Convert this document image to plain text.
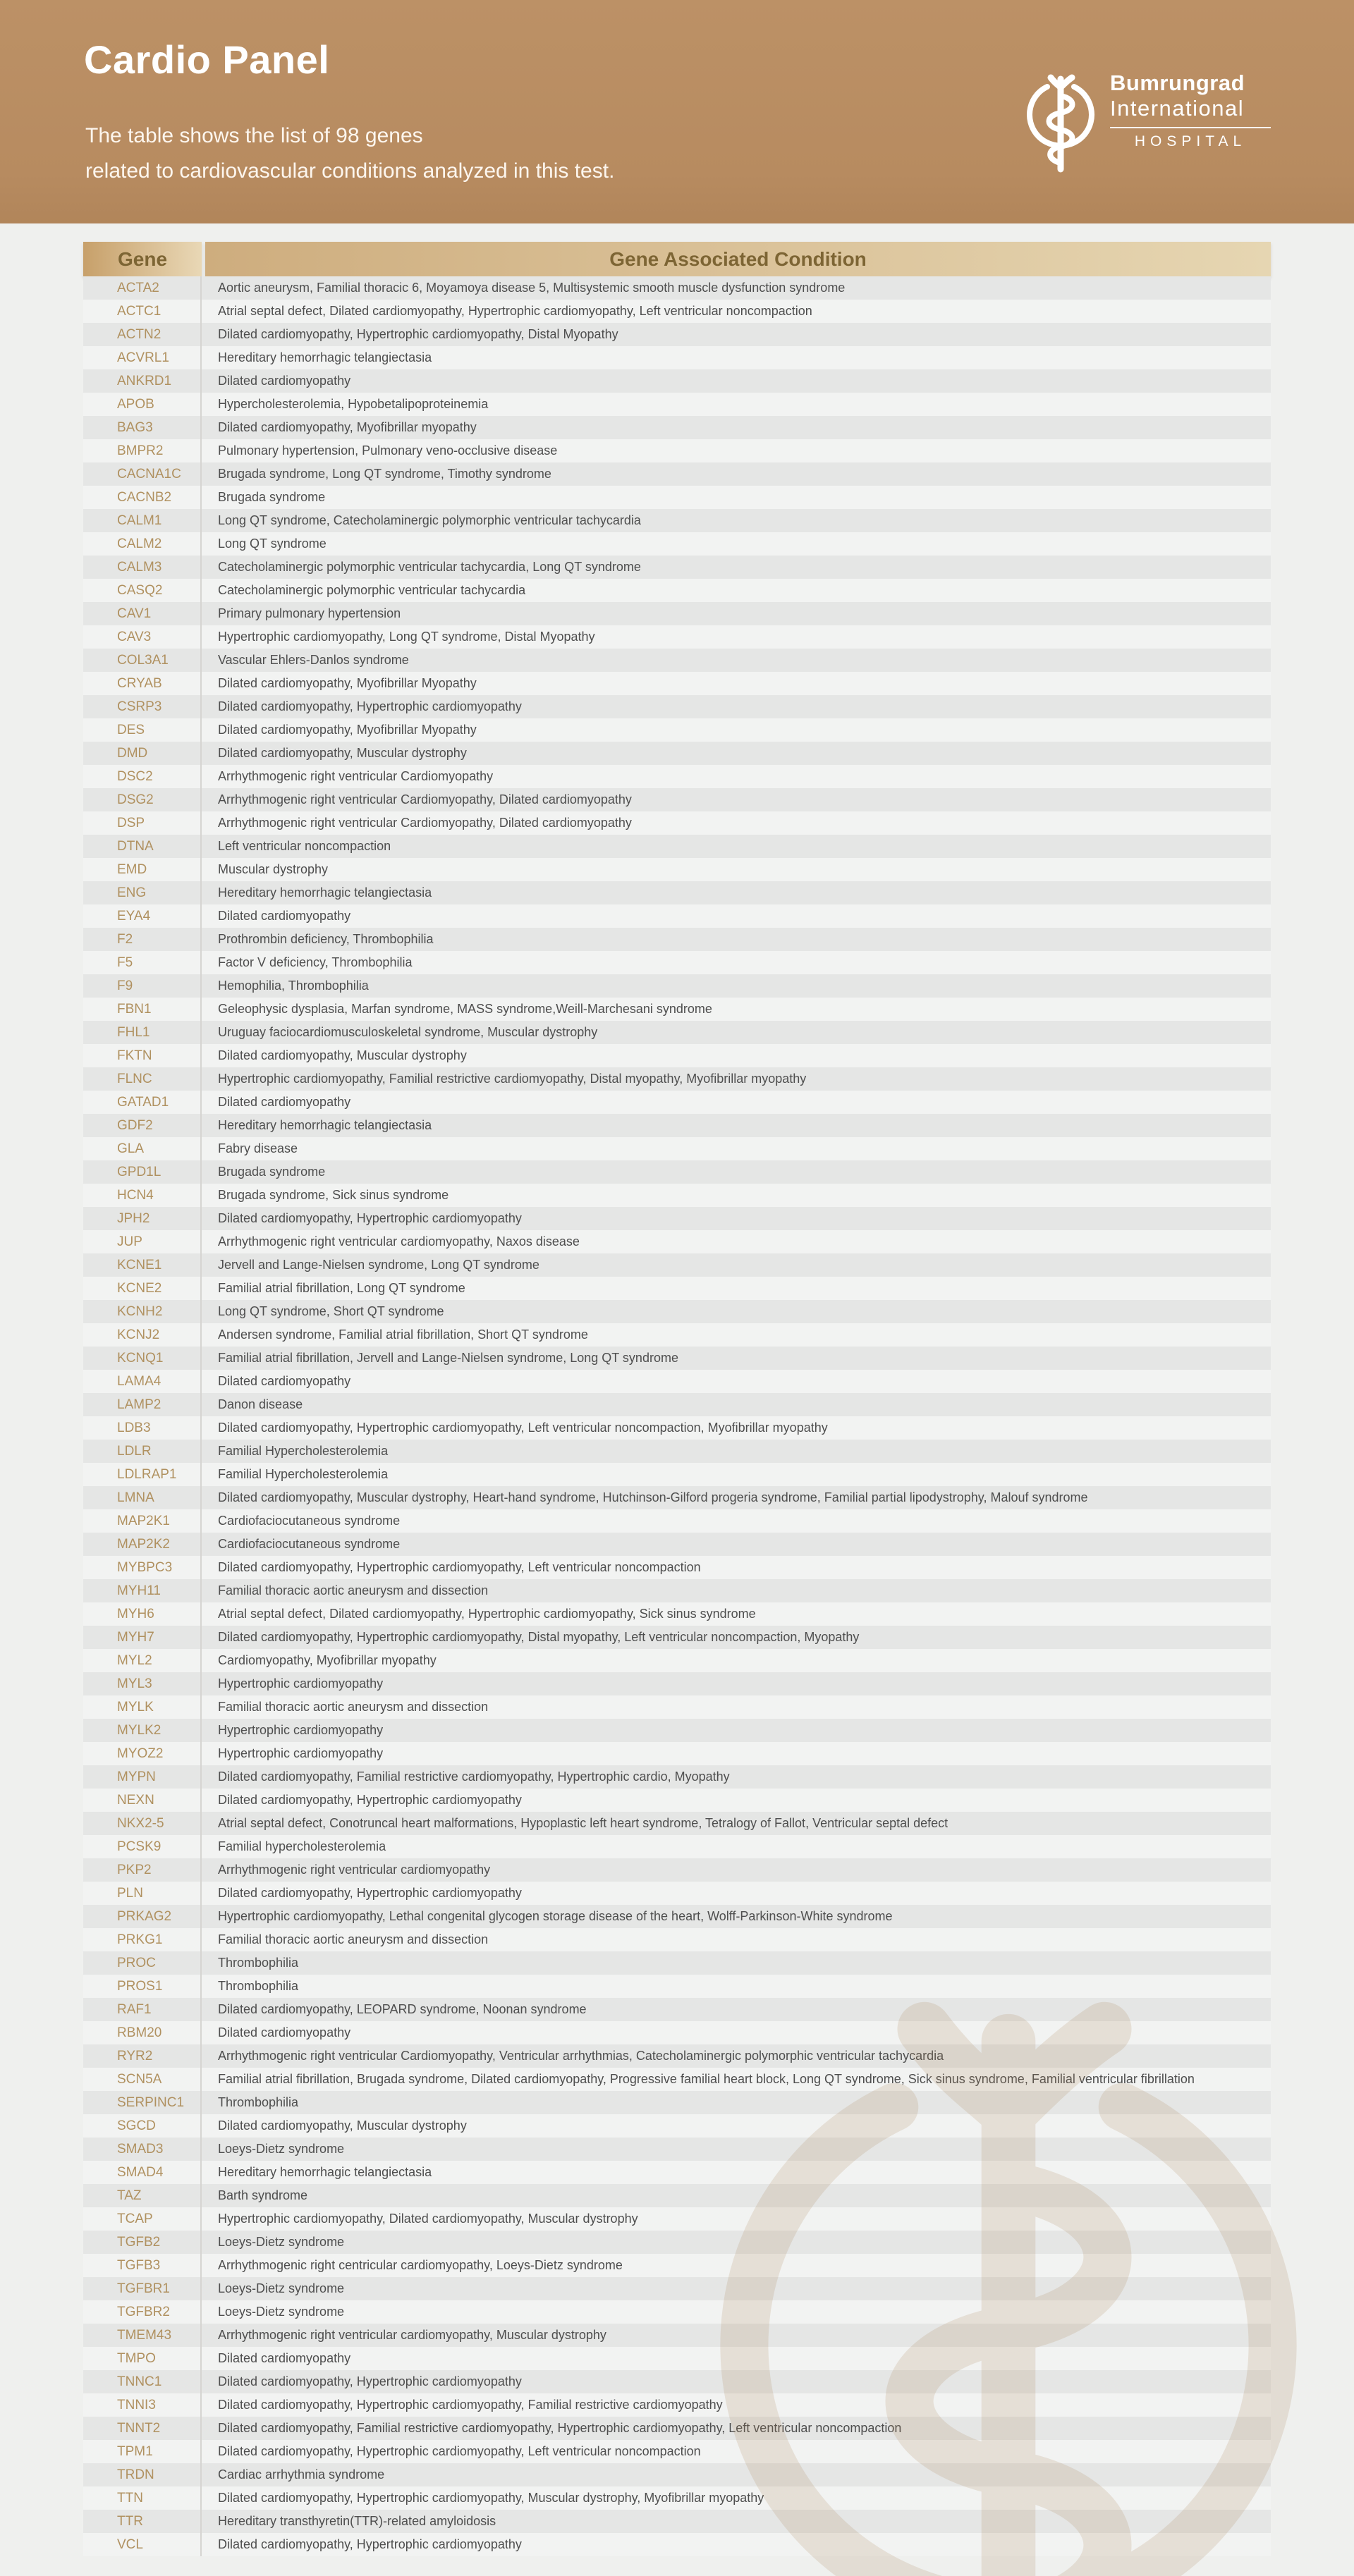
Cardio Panel
The table shows the list of 98 genes
related to cardiovascular conditions analyzed in this test.
Bumrungrad
International
HOSPITAL
Gene	Gene Associated Condition
ACTA2	Aortic aneurysm, Familial thoracic 6, Moyamoya disease 5, Multisystemic smooth muscle dysfunction syndrome
ACTC1	Atrial septal defect, Dilated cardiomyopathy, Hypertrophic cardiomyopathy, Left ventricular noncompaction
ACTN2	Dilated cardiomyopathy, Hypertrophic cardiomyopathy, Distal Myopathy
ACVRL1	Hereditary hemorrhagic telangiectasia
ANKRD1	Dilated cardiomyopathy
APOB	Hypercholesterolemia, Hypobetalipoproteinemia
BAG3	Dilated cardiomyopathy, Myofibrillar myopathy
BMPR2	Pulmonary hypertension, Pulmonary veno-occlusive disease
CACNA1C	Brugada syndrome, Long QT syndrome, Timothy syndrome
CACNB2	Brugada syndrome
CALM1	Long QT syndrome, Catecholaminergic polymorphic ventricular tachycardia
CALM2	Long QT syndrome
CALM3	Catecholaminergic polymorphic ventricular tachycardia, Long QT syndrome
CASQ2	Catecholaminergic polymorphic ventricular tachycardia
CAV1	Primary pulmonary hypertension
CAV3	Hypertrophic cardiomyopathy, Long QT syndrome, Distal Myopathy
COL3A1	Vascular Ehlers-Danlos syndrome
CRYAB	Dilated cardiomyopathy, Myofibrillar Myopathy
CSRP3	Dilated cardiomyopathy, Hypertrophic cardiomyopathy
DES	Dilated cardiomyopathy, Myofibrillar Myopathy
DMD	Dilated cardiomyopathy, Muscular dystrophy
DSC2	Arrhythmogenic right ventricular Cardiomyopathy
DSG2	Arrhythmogenic right ventricular Cardiomyopathy, Dilated cardiomyopathy
DSP	Arrhythmogenic right ventricular Cardiomyopathy, Dilated cardiomyopathy
DTNA	Left ventricular noncompaction
EMD	Muscular dystrophy
ENG	Hereditary hemorrhagic telangiectasia
EYA4	Dilated cardiomyopathy
F2	Prothrombin deficiency, Thrombophilia
F5	Factor V deficiency, Thrombophilia
F9	Hemophilia, Thrombophilia
FBN1	Geleophysic dysplasia, Marfan syndrome, MASS syndrome,Weill-Marchesani syndrome
FHL1	Uruguay faciocardiomusculoskeletal syndrome, Muscular dystrophy
FKTN	Dilated cardiomyopathy, Muscular dystrophy
FLNC	Hypertrophic cardiomyopathy, Familial restrictive cardiomyopathy, Distal myopathy, Myofibrillar myopathy
GATAD1	Dilated cardiomyopathy
GDF2	Hereditary hemorrhagic telangiectasia
GLA	Fabry disease
GPD1L	Brugada syndrome
HCN4	Brugada syndrome, Sick sinus syndrome
JPH2	Dilated cardiomyopathy, Hypertrophic cardiomyopathy
JUP	Arrhythmogenic right ventricular cardiomyopathy, Naxos disease
KCNE1	Jervell and Lange-Nielsen syndrome, Long QT syndrome
KCNE2	Familial atrial fibrillation, Long QT syndrome
KCNH2	Long QT syndrome, Short QT syndrome
KCNJ2	Andersen syndrome, Familial atrial fibrillation, Short QT syndrome
KCNQ1	Familial atrial fibrillation, Jervell and Lange-Nielsen syndrome, Long QT syndrome
LAMA4	Dilated cardiomyopathy
LAMP2	Danon disease
LDB3	Dilated cardiomyopathy, Hypertrophic cardiomyopathy, Left ventricular noncompaction, Myofibrillar myopathy
LDLR	Familial Hypercholesterolemia
LDLRAP1	Familial Hypercholesterolemia
LMNA	Dilated cardiomyopathy, Muscular dystrophy, Heart-hand syndrome, Hutchinson-Gilford progeria syndrome, Familial partial lipodystrophy, Malouf syndrome
MAP2K1	Cardiofaciocutaneous syndrome
MAP2K2	Cardiofaciocutaneous syndrome
MYBPC3	Dilated cardiomyopathy, Hypertrophic cardiomyopathy, Left ventricular noncompaction
MYH11	Familial thoracic aortic aneurysm and dissection
MYH6	Atrial septal defect, Dilated cardiomyopathy, Hypertrophic cardiomyopathy, Sick sinus syndrome
MYH7	Dilated cardiomyopathy, Hypertrophic cardiomyopathy, Distal myopathy, Left ventricular noncompaction, Myopathy
MYL2	Cardiomyopathy, Myofibrillar myopathy
MYL3	Hypertrophic cardiomyopathy
MYLK	Familial thoracic aortic aneurysm and dissection
MYLK2	Hypertrophic cardiomyopathy
MYOZ2	Hypertrophic cardiomyopathy
MYPN	Dilated cardiomyopathy, Familial restrictive cardiomyopathy, Hypertrophic cardio, Myopathy
NEXN	Dilated cardiomyopathy, Hypertrophic cardiomyopathy
NKX2-5	Atrial septal defect, Conotruncal heart malformations, Hypoplastic left heart syndrome, Tetralogy of Fallot, Ventricular septal defect
PCSK9	Familial hypercholesterolemia
PKP2	Arrhythmogenic right ventricular cardiomyopathy
PLN	Dilated cardiomyopathy, Hypertrophic cardiomyopathy
PRKAG2	Hypertrophic cardiomyopathy, Lethal congenital glycogen storage disease of the heart, Wolff-Parkinson-White syndrome
PRKG1	Familial thoracic aortic aneurysm and dissection
PROC	Thrombophilia
PROS1	Thrombophilia
RAF1	Dilated cardiomyopathy, LEOPARD syndrome, Noonan syndrome
RBM20	Dilated cardiomyopathy
RYR2	Arrhythmogenic right ventricular Cardiomyopathy, Ventricular arrhythmias, Catecholaminergic polymorphic ventricular tachycardia
SCN5A	Familial atrial fibrillation, Brugada syndrome, Dilated cardiomyopathy, Progressive familial heart block, Long QT syndrome, Sick sinus syndrome, Familial ventricular fibrillation
SERPINC1	Thrombophilia
SGCD	Dilated cardiomyopathy, Muscular dystrophy
SMAD3	Loeys-Dietz syndrome
SMAD4	Hereditary hemorrhagic telangiectasia
TAZ	Barth syndrome
TCAP	Hypertrophic cardiomyopathy, Dilated cardiomyopathy, Muscular dystrophy
TGFB2	Loeys-Dietz syndrome
TGFB3	Arrhythmogenic right centricular cardiomyopathy, Loeys-Dietz syndrome
TGFBR1	Loeys-Dietz syndrome
TGFBR2	Loeys-Dietz syndrome
TMEM43	Arrhythmogenic right ventricular cardiomyopathy, Muscular dystrophy
TMPO	Dilated cardiomyopathy
TNNC1	Dilated cardiomyopathy, Hypertrophic cardiomyopathy
TNNI3	Dilated cardiomyopathy, Hypertrophic cardiomyopathy, Familial restrictive cardiomyopathy
TNNT2	Dilated cardiomyopathy, Familial restrictive cardiomyopathy, Hypertrophic cardiomyopathy, Left ventricular noncompaction
TPM1	Dilated cardiomyopathy, Hypertrophic cardiomyopathy, Left ventricular noncompaction
TRDN	Cardiac arrhythmia syndrome
TTN	Dilated cardiomyopathy, Hypertrophic cardiomyopathy, Muscular dystrophy, Myofibrillar myopathy
TTR	Hereditary transthyretin(TTR)-related amyloidosis
VCL	Dilated cardiomyopathy, Hypertrophic cardiomyopathy
